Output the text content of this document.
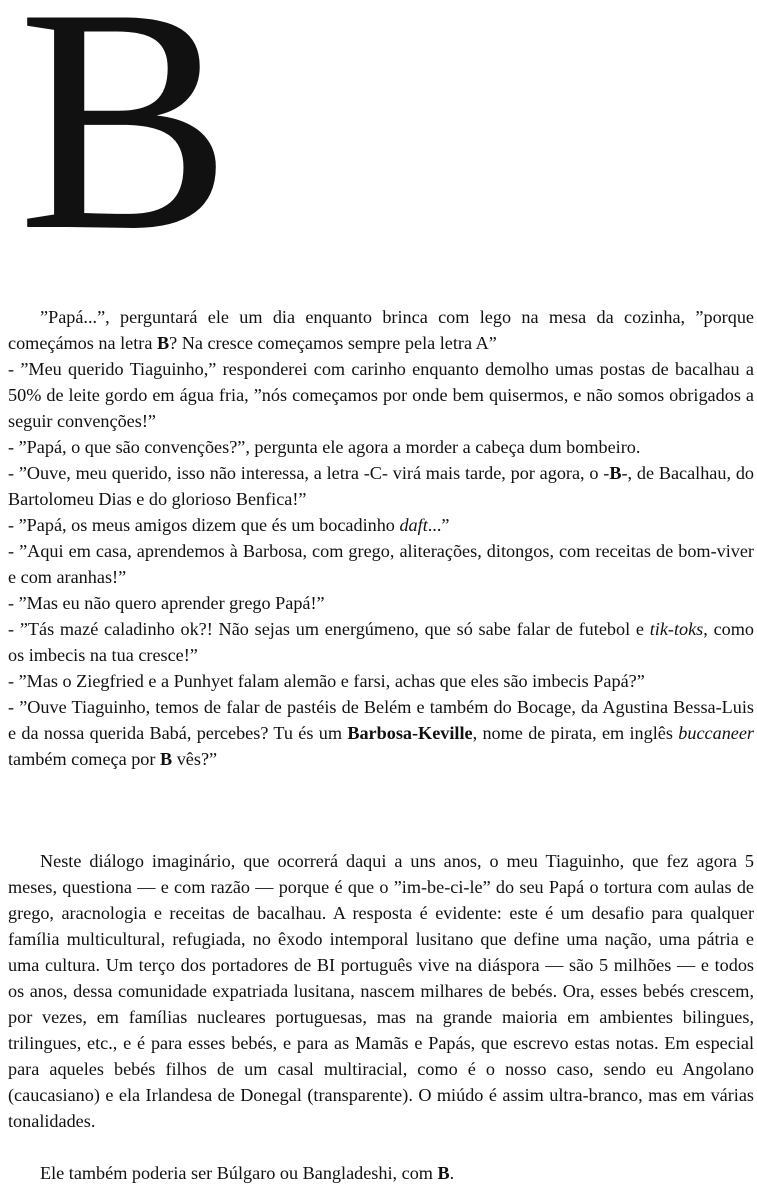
B

”Papá...”, perguntará ele um dia enquanto brinca com lego na mesa da cozinha, ”porque começámos na letra B? Na cresce começamos sempre pela letra A”

- ”Meu querido Tiaguinho,” responderei com carinho enquanto demolho umas postas de bacalhau a 50% de leite gordo em água fria, ”nós começamos por onde bem quisermos, e não somos obrigados a seguir convenções!”

- ”Papá, o que são convenções?”, pergunta ele agora a morder a cabeça dum bombeiro.

- ”Ouve, meu querido, isso não interessa, a letra -C- virá mais tarde, por agora, o -B-, de Bacalhau, do Bartolomeu Dias e do glorioso Benfica!”

- ”Papá, os meus amigos dizem que és um bocadinho daft...”

- ”Aqui em casa, aprendemos à Barbosa, com grego, aliterações, ditongos, com receitas de bom-viver e com aranhas!”

- ”Mas eu não quero aprender grego Papá!”

- ”Tás mazé caladinho ok?! Não sejas um energúmeno, que só sabe falar de futebol e tik-toks, como os imbecis na tua cresce!”

- ”Mas o Ziegfried e a Punhyet falam alemão e farsi, achas que eles são imbecis Papá?”

- ”Ouve Tiaguinho, temos de falar de pastéis de Belém e também do Bocage, da Agustina Bessa-Luis e da nossa querida Babá, percebes? Tu és um Barbosa-Keville, nome de pirata, em inglês buccaneer também começa por B vês?”

Neste diálogo imaginário, que ocorrerá daqui a uns anos, o meu Tiaguinho, que fez agora 5 meses, questiona — e com razão — porque é que o ”im-be-ci-le” do seu Papá o tortura com aulas de grego, aracnologia e receitas de bacalhau. A resposta é evidente: este é um desafio para qualquer família multicultural, refugiada, no êxodo intemporal lusitano que define uma nação, uma pátria e uma cultura. Um terço dos portadores de BI português vive na diáspora — são 5 milhões — e todos os anos, dessa comunidade expatriada lusitana, nascem milhares de bebés. Ora, esses bebés crescem, por vezes, em famílias nucleares portuguesas, mas na grande maioria em ambientes bilingues, trilingues, etc., e é para esses bebés, e para as Mamãs e Papás, que escrevo estas notas. Em especial para aqueles bebés filhos de um casal multiracial, como é o nosso caso, sendo eu Angolano (caucasiano) e ela Irlandesa de Donegal (transparente). O miúdo é assim ultra-branco, mas em várias tonalidades.

Ele também poderia ser Búlgaro ou Bangladeshi, com B.
